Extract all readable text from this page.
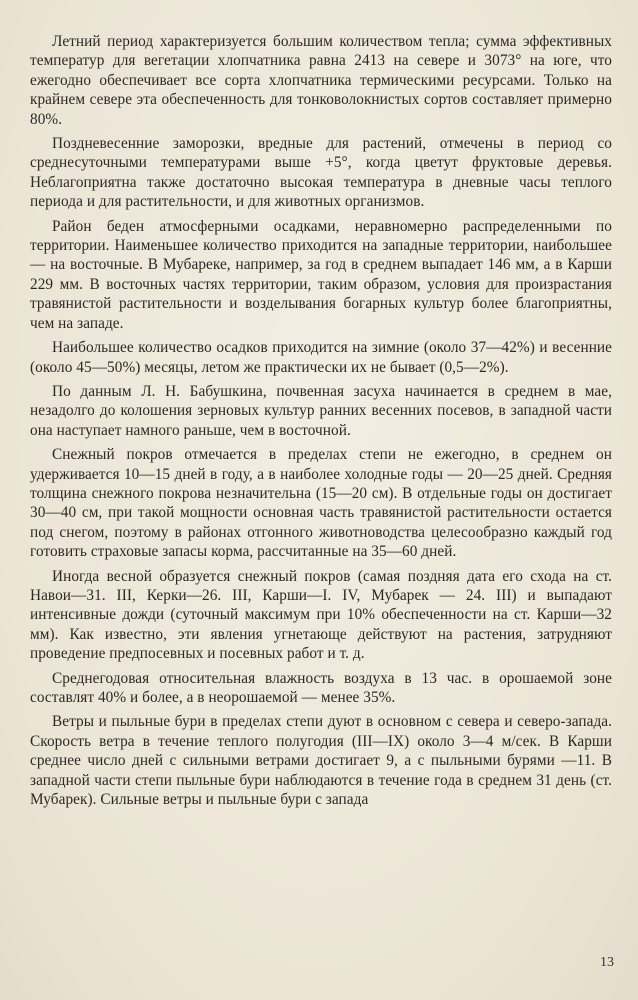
Летний период характеризуется большим количеством тепла; сумма эффективных температур для вегетации хлопчатника равна 2413 на севере и 3073° на юге, что ежегодно обеспечивает все сорта хлопчатника термическими ресурсами. Только на крайнем севере эта обеспеченность для тонковолокнистых сортов составляет примерно 80%.

Поздневесенние заморозки, вредные для растений, отмечены в период со среднесуточными температурами выше +5°, когда цветут фруктовые деревья. Неблагоприятна также достаточно высокая температура в дневные часы теплого периода и для растительности, и для животных организмов.

Район беден атмосферными осадками, неравномерно распределенными по территории. Наименьшее количество приходится на западные территории, наибольшее — на восточные. В Мубареке, например, за год в среднем выпадает 146 мм, а в Карши 229 мм. В восточных частях территории, таким образом, условия для произрастания травянистой растительности и возделывания богарных культур более благоприятны, чем на западе.

Наибольшее количество осадков приходится на зимние (около 37—42%) и весенние (около 45—50%) месяцы, летом же практически их не бывает (0,5—2%).

По данным Л. Н. Бабушкина, почвенная засуха начинается в среднем в мае, незадолго до колошения зерновых культур ранних весенних посевов, в западной части она наступает намного раньше, чем в восточной.

Снежный покров отмечается в пределах степи не ежегодно, в среднем он удерживается 10—15 дней в году, а в наиболее холодные годы — 20—25 дней. Средняя толщина снежного покрова незначительна (15—20 см). В отдельные годы он достигает 30—40 см, при такой мощности основная часть травянистой растительности остается под снегом, поэтому в районах отгонного животноводства целесообразно каждый год готовить страховые запасы корма, рассчитанные на 35—60 дней.

Иногда весной образуется снежный покров (самая поздняя дата его схода на ст. Навои—31. III, Керки—26. III, Карши—I. IV, Мубарек — 24. III) и выпадают интенсивные дожди (суточный максимум при 10% обеспеченности на ст. Карши—32 мм). Как известно, эти явления угнетающе действуют на растения, затрудняют проведение предпосевных и посевных работ и т. д.

Среднегодовая относительная влажность воздуха в 13 час. в орошаемой зоне составлят 40% и более, а в неорошаемой — менее 35%.

Ветры и пыльные бури в пределах степи дуют в основном с севера и северо-запада. Скорость ветра в течение теплого полугодия (III—IX) около 3—4 м/сек. В Карши среднее число дней с сильными ветрами достигает 9, а с пыльными бурями —11. В западной части степи пыльные бури наблюдаются в течение года в среднем 31 день (ст. Мубарек). Сильные ветры и пыльные бури с запада

13
